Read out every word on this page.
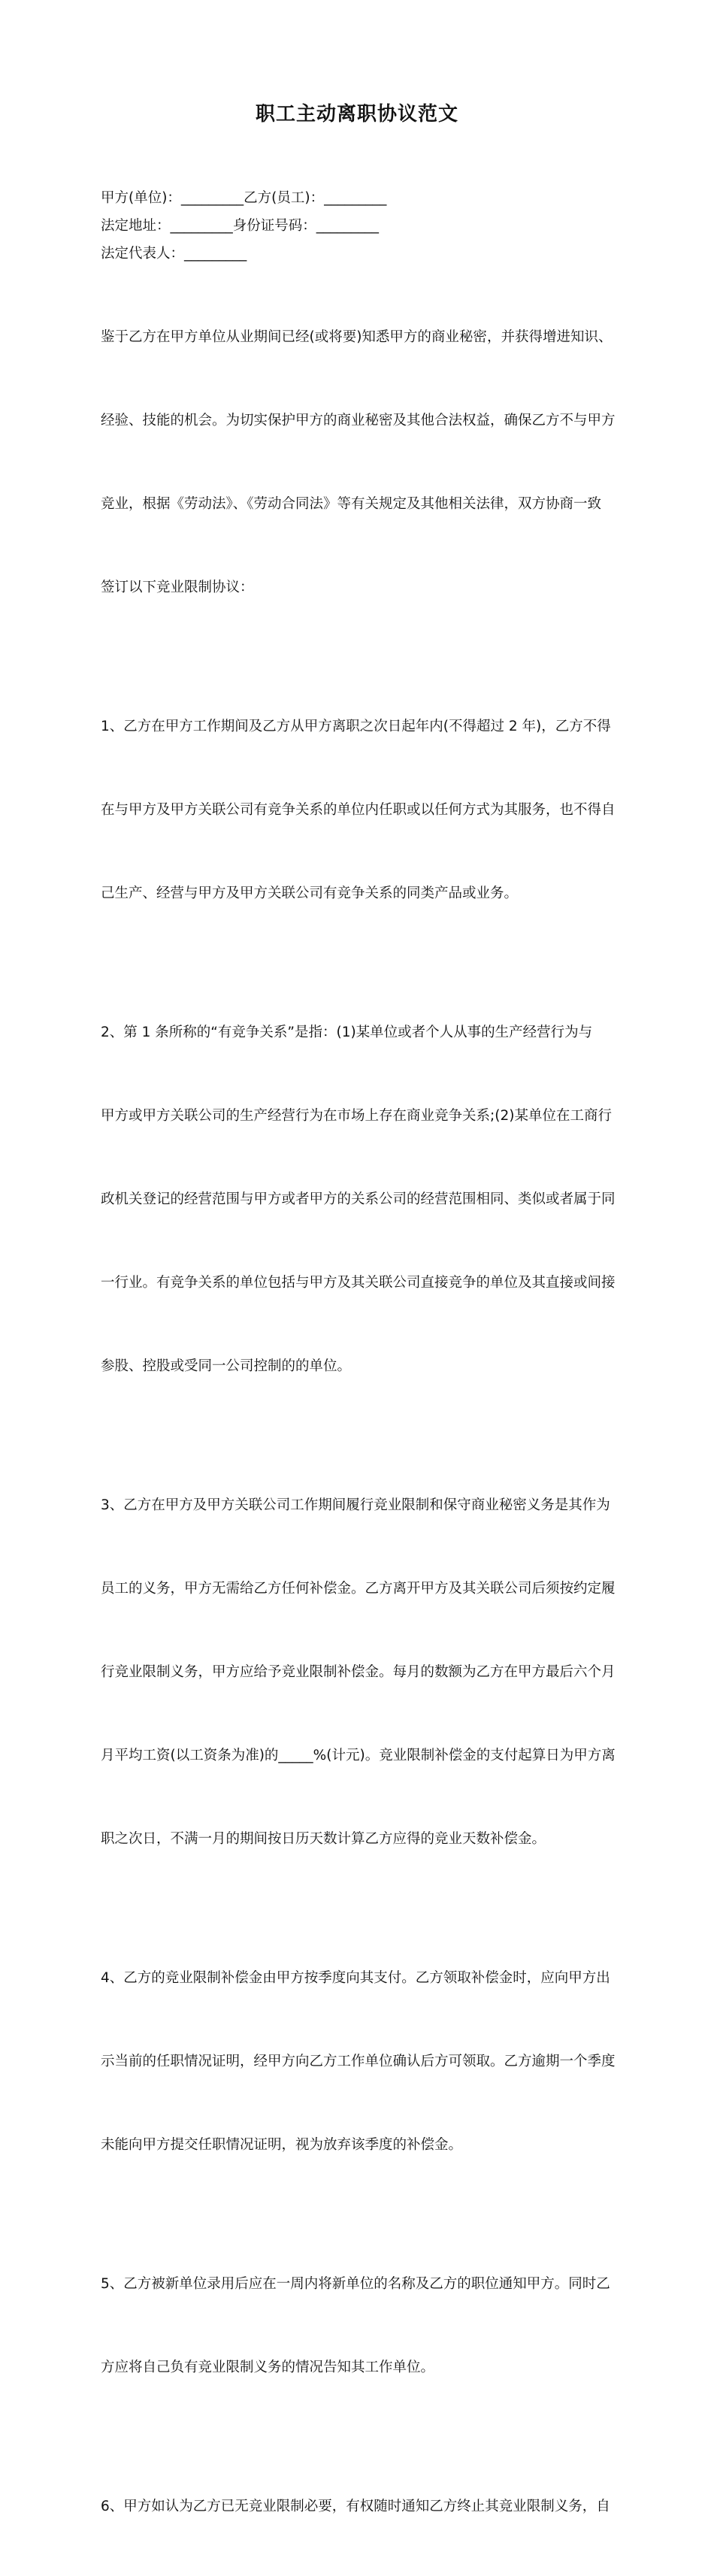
职工主动离职协议范文

甲方(单位)：_________乙方(员工)：_________

法定地址：_________身份证号码：_________

法定代表人：_________

鉴于乙方在甲方单位从业期间已经(或将要)知悉甲方的商业秘密，并获得增进知识、

经验、技能的机会。为切实保护甲方的商业秘密及其他合法权益，确保乙方不与甲方

竞业，根据《劳动法》、《劳动合同法》等有关规定及其他相关法律，双方协商一致

签订以下竞业限制协议：

1、乙方在甲方工作期间及乙方从甲方离职之次日起年内(不得超过 2 年)，乙方不得

在与甲方及甲方关联公司有竞争关系的单位内任职或以任何方式为其服务，也不得自

己生产、经营与甲方及甲方关联公司有竞争关系的同类产品或业务。

2、第 1 条所称的“有竞争关系”是指：(1)某单位或者个人从事的生产经营行为与

甲方或甲方关联公司的生产经营行为在市场上存在商业竞争关系;(2)某单位在工商行

政机关登记的经营范围与甲方或者甲方的关系公司的经营范围相同、类似或者属于同

一行业。有竞争关系的单位包括与甲方及其关联公司直接竞争的单位及其直接或间接

参股、控股或受同一公司控制的的单位。

3、乙方在甲方及甲方关联公司工作期间履行竞业限制和保守商业秘密义务是其作为

员工的义务，甲方无需给乙方任何补偿金。乙方离开甲方及其关联公司后须按约定履

行竞业限制义务，甲方应给予竞业限制补偿金。每月的数额为乙方在甲方最后六个月

月平均工资(以工资条为准)的_____%(计元)。竞业限制补偿金的支付起算日为甲方离

职之次日，不满一月的期间按日历天数计算乙方应得的竞业天数补偿金。

4、乙方的竞业限制补偿金由甲方按季度向其支付。乙方领取补偿金时，应向甲方出

示当前的任职情况证明，经甲方向乙方工作单位确认后方可领取。乙方逾期一个季度

未能向甲方提交任职情况证明，视为放弃该季度的补偿金。

5、乙方被新单位录用后应在一周内将新单位的名称及乙方的职位通知甲方。同时乙

方应将自己负有竞业限制义务的情况告知其工作单位。

6、甲方如认为乙方已无竞业限制必要，有权随时通知乙方终止其竞业限制义务，自
